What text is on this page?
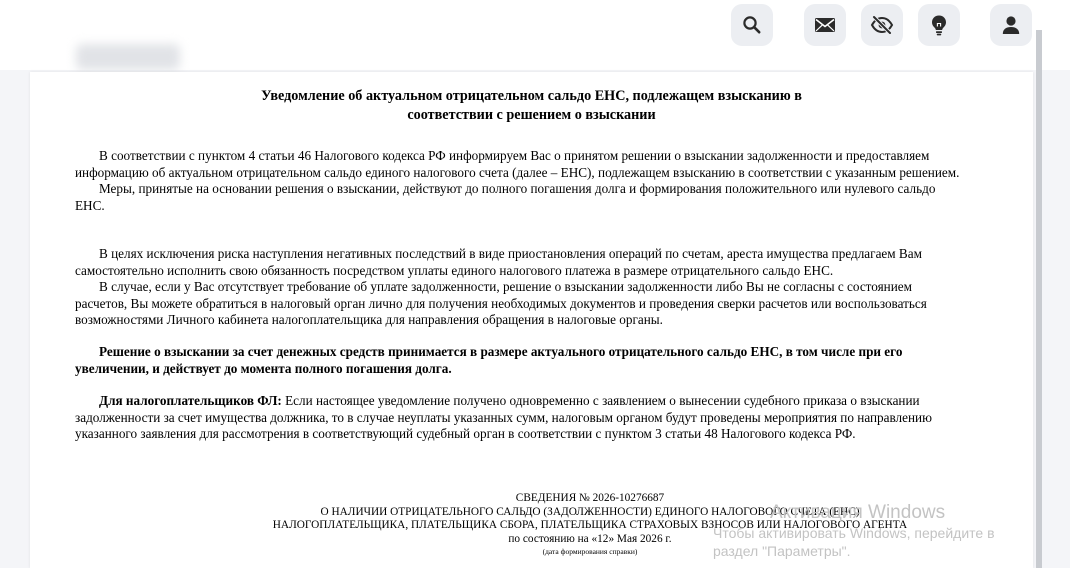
Уведомление об актуальном отрицательном сальдо ЕНС, подлежащем взысканию в
соответствии с решением о взыскании
В соответствии с пунктом 4 статьи 46 Налогового кодекса РФ информируем Вас о принятом решении о взыскании задолженности и предоставляем
информацию об актуальном отрицательном сальдо единого налогового счета (далее – ЕНС), подлежащем взысканию в соответствии с указанным решением.
Меры, принятые на основании решения о взыскании, действуют до полного погашения долга и формирования положительного или нулевого сальдо
ЕНС.
В целях исключения риска наступления негативных последствий в виде приостановления операций по счетам, ареста имущества предлагаем Вам
самостоятельно исполнить свою обязанность посредством уплаты единого налогового платежа в размере отрицательного сальдо ЕНС.
В случае, если у Вас отсутствует требование об уплате задолженности, решение о взыскании задолженности либо Вы не согласны с состоянием
расчетов, Вы можете обратиться в налоговый орган лично для получения необходимых документов и проведения сверки расчетов или воспользоваться
возможностями Личного кабинета налогоплательщика для направления обращения в налоговые органы.
Решение о взыскании за счет денежных средств принимается в размере актуального отрицательного сальдо ЕНС, в том числе при его
увеличении, и действует до момента полного погашения долга.
Для налогоплательщиков ФЛ: Если настоящее уведомление получено одновременно с заявлением о вынесении судебного приказа о взыскании
задолженности за счет имущества должника, то в случае неуплаты указанных сумм, налоговым органом будут проведены мероприятия по направлению
указанного заявления для рассмотрения в соответствующий судебный орган в соответствии с пунктом 3 статьи 48 Налогового кодекса РФ.
СВЕДЕНИЯ № 2026-10276687
О НАЛИЧИИ ОТРИЦАТЕЛЬНОГО САЛЬДО (ЗАДОЛЖЕННОСТИ) ЕДИНОГО НАЛОГОВОГО СЧЕТА (ЕНС)
НАЛОГОПЛАТЕЛЬЩИКА, ПЛАТЕЛЬЩИКА СБОРА, ПЛАТЕЛЬЩИКА СТРАХОВЫХ ВЗНОСОВ ИЛИ НАЛОГОВОГО АГЕНТА
по состоянию на «12» Мая 2026 г.
(дата формирования справки)
Активация Windows
Чтобы активировать Windows, перейдите в
раздел "Параметры".
